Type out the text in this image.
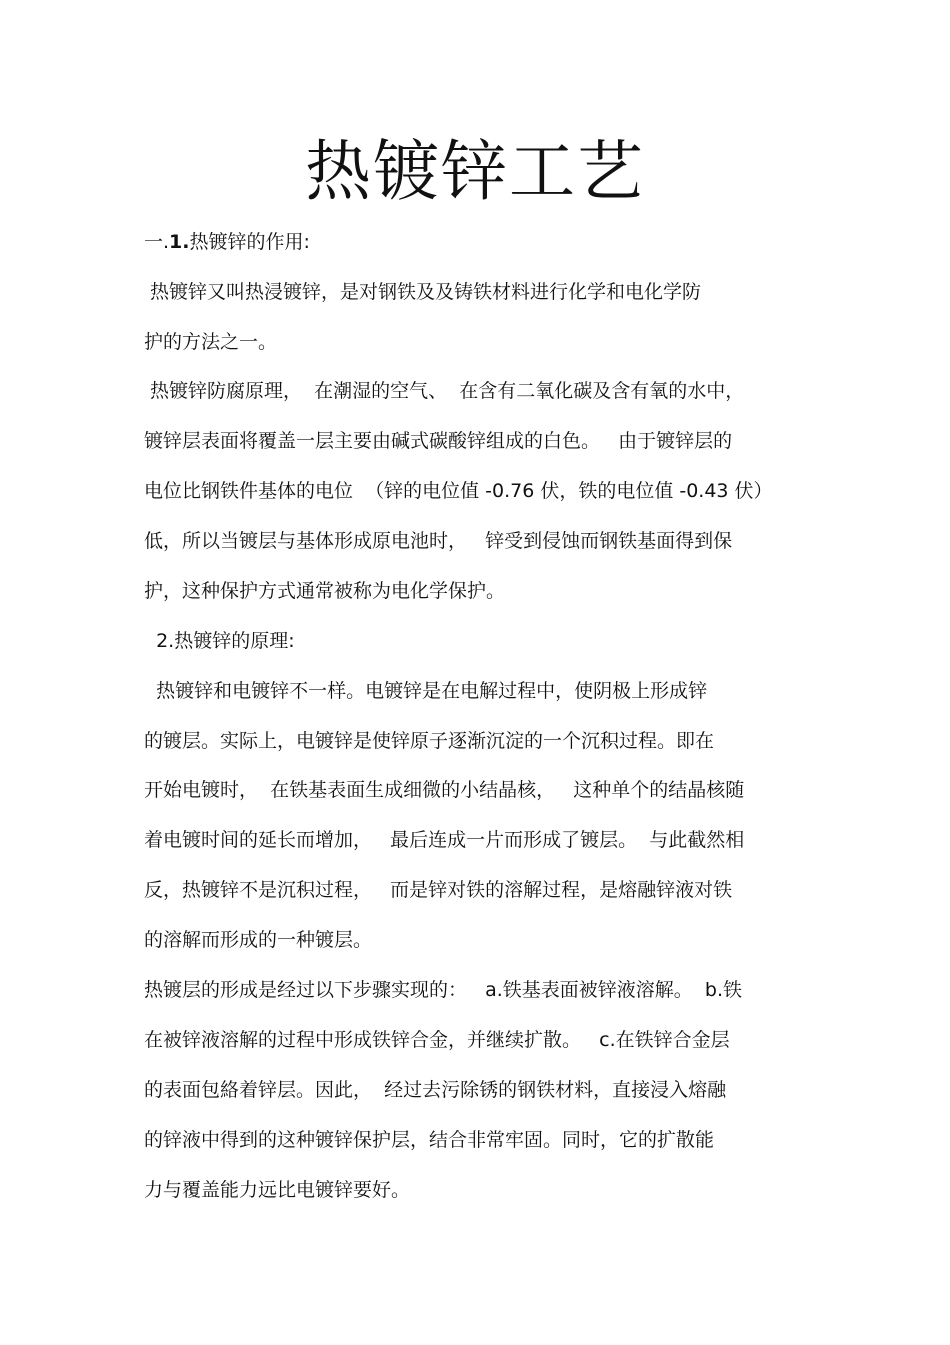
热镀锌工艺
一.1.热镀锌的作用:
热镀锌又叫热浸镀锌，是对钢铁及及铸铁材料进行化学和电化学防
护的方法之一。
热镀锌防腐原理，  在潮湿的空气、  在含有二氧化碳及含有氧的水中，
镀锌层表面将覆盖一层主要由碱式碳酸锌组成的白色。   由于镀锌层的
电位比钢铁件基体的电位  （锌的电位值 -0.76 伏，铁的电位值 -0.43 伏）
低，所以当镀层与基体形成原电池时，   锌受到侵蚀而钢铁基面得到保
护，这种保护方式通常被称为电化学保护。
2.热镀锌的原理:
热镀锌和电镀锌不一样。电镀锌是在电解过程中，使阴极上形成锌
的镀层。实际上，电镀锌是使锌原子逐渐沉淀的一个沉积过程。即在
开始电镀时，  在铁基表面生成细微的小结晶核，   这种单个的结晶核随
着电镀时间的延长而增加，   最后连成一片而形成了镀层。  与此截然相
反，热镀锌不是沉积过程，   而是锌对铁的溶解过程，是熔融锌液对铁
的溶解而形成的一种镀层。
热镀层的形成是经过以下步骤实现的：   a.铁基表面被锌液溶解。  b.铁
在被锌液溶解的过程中形成铁锌合金，并继续扩散。   c.在铁锌合金层
的表面包絡着锌层。因此，  经过去污除锈的钢铁材料，直接浸入熔融
的锌液中得到的这种镀锌保护层，结合非常牢固。同时，它的扩散能
力与覆盖能力远比电镀锌要好。
